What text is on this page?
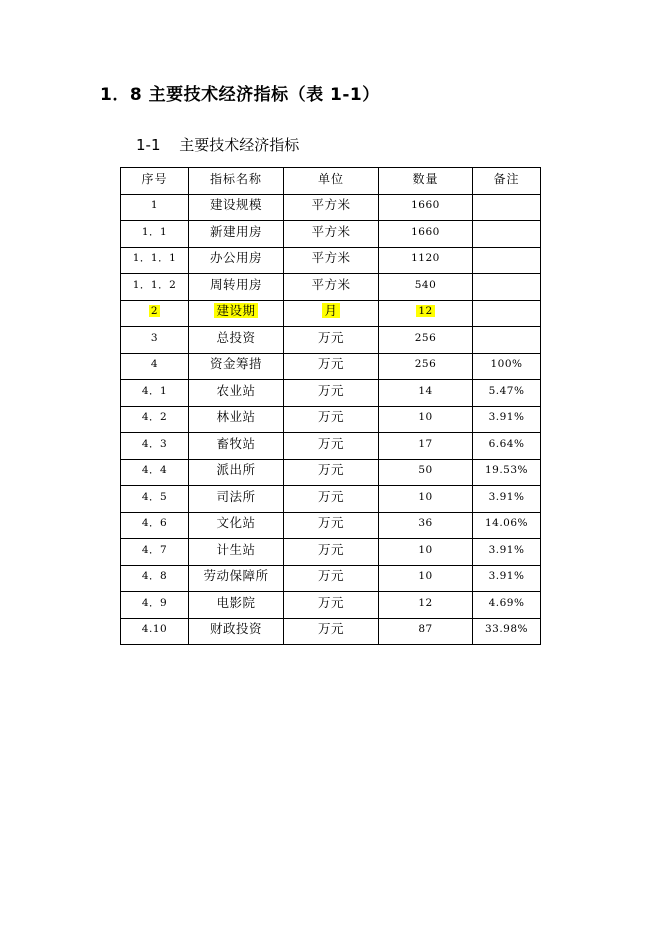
1．8 主要技术经济指标（表 1-1）
1-1 主要技术经济指标
序号	指标名称	单位	数量	备注
1	建设规模	平方米	1660	
1．1	新建用房	平方米	1660	
1．1．1	办公用房	平方米	1120	
1．1．2	周转用房	平方米	540	
2	建设期	月	12	
3	总投资	万元	256	
4	资金筹措	万元	256	100%
4．1	农业站	万元	14	5.47%
4．2	林业站	万元	10	3.91%
4．3	畜牧站	万元	17	6.64%
4．4	派出所	万元	50	19.53%
4．5	司法所	万元	10	3.91%
4．6	文化站	万元	36	14.06%
4．7	计生站	万元	10	3.91%
4．8	劳动保障所	万元	10	3.91%
4．9	电影院	万元	12	4.69%
4.10	财政投资	万元	87	33.98%
